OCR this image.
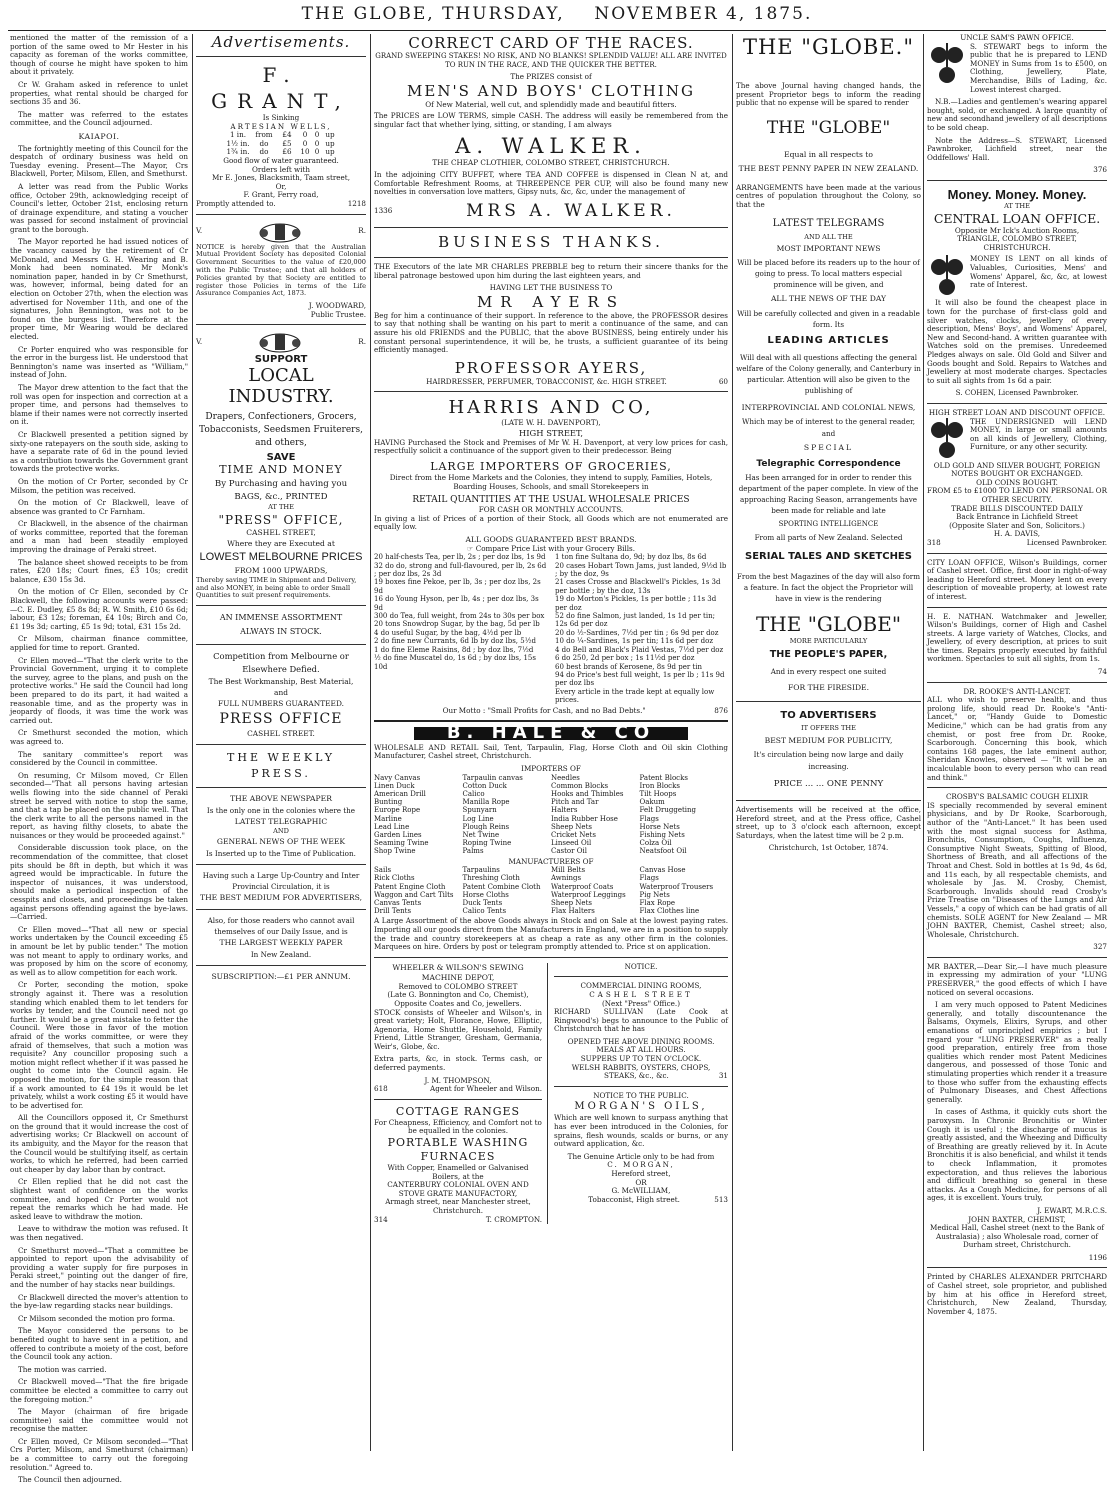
THE GLOBE, THURSDAY, NOVEMBER 4, 1875.

mentioned the matter of the remission of a portion of the same owed to Mr Hester in his capacity as foreman of the works committee, though of course he might have spoken to him about it privately.

Cr W. Graham asked in reference to unlet properties, what rental should be charged for sections 35 and 36.

The matter was referred to the estates committee, and the Council adjourned.

KAIAPOI.

The fortnightly meeting of this Council for the despatch of ordinary business was held on Tuesday evening. Present—The Mayor, Crs Blackwell, Porter, Milsom, Ellen, and Smethurst.

A letter was read from the Public Works office, October 29th, acknowledging receipt of Council's letter, October 21st, enclosing return of drainage expenditure, and stating a voucher was passed for second instalment of provincial grant to the borough.

The Mayor reported he had issued notices of the vacancy caused by the retirement of Cr McDonald, and Messrs G. H. Wearing and B. Monk had been nominated. Mr Monk's nomination paper, handed in by Cr Smethurst, was, however, informal, being dated for an election on October 27th, when the election was advertised for November 11th, and one of the signatures, John Bennington, was not to be found on the burgess list. Therefore at the proper time, Mr Wearing would be declared elected.

Cr Porter enquired who was responsible for the error in the burgess list. He understood that Bennington's name was inserted as "William," instead of John.

The Mayor drew attention to the fact that the roll was open for inspection and correction at a proper time, and persons had themselves to blame if their names were not correctly inserted on it.

Cr Blackwell presented a petition signed by sixty-one ratepayers on the south side, asking to have a separate rate of 6d in the pound levied as a contribution towards the Government grant towards the protective works.

On the motion of Cr Porter, seconded by Cr Milsom, the petition was received.

On the motion of Cr Blackwell, leave of absence was granted to Cr Farnham.

Cr Blackwell, in the absence of the chairman of works committee, reported that the foreman and a man had been steadily employed improving the drainage of Peraki street.

The balance sheet showed receipts to be from rates, £20 18s; Court fines, £3 10s; credit balance, £30 15s 3d.

On the motion of Cr Ellen, seconded by Cr Blackwell, the following accounts were passed:—C. E. Dudley, £5 8s 8d; R. W. Smith, £10 6s 6d; labour, £3 12s; foreman, £4 10s; Birch and Co, £1 19s 3d; carting, £5 1s 9d; total, £31 15s 2d.

Cr Milsom, chairman finance committee, applied for time to report. Granted.

Cr Ellen moved—"That the clerk write to the Provincial Government, urging it to complete the survey, agree to the plans, and push on the protective works." He said the Council had long been prepared to do its part, it had waited a reasonable time, and as the property was in jeopardy of floods, it was time the work was carried out.

Cr Smethurst seconded the motion, which was agreed to.

The sanitary committee's report was considered by the Council in committee.

On resuming, Cr Milsom moved, Cr Ellen seconded—"That all persons having artesian wells flowing into the side channel of Peraki street be served with notice to stop the same, and that a tap be placed on the public well. That the clerk write to all the persons named in the report, as having filthy closets, to abate the nuisances or they would be proceeded against."

Considerable discussion took place, on the recommendation of the committee, that closet pits should be 8ft in depth, but which it was agreed would be impracticable. In future the inspector of nuisances, it was understood, should make a periodical inspection of the cesspits and closets, and proceedings be taken against persons offending against the bye-laws.—Carried.

Cr Ellen moved—"That all new or special works undertaken by the Council exceeding £5 in amount be let by public tender." The motion was not meant to apply to ordinary works, and was proposed by him on the score of economy, as well as to allow competition for each work.

Cr Porter, seconding the motion, spoke strongly against it. There was a resolution standing which enabled them to let tenders for works by tender, and the Council need not go further. It would be a great mistake to fetter the Council. Were those in favor of the motion afraid of the works committee, or were they afraid of themselves, that such a motion was requisite? Any councillor proposing such a motion might reflect whether if it was passed he ought to come into the Council again. He opposed the motion, for the simple reason that if a work amounted to £4 19s it would be let privately, whilst a work costing £5 it would have to be advertised for.

All the Councillors opposed it, Cr Smethurst on the ground that it would increase the cost of advertising works; Cr Blackwell on account of its ambiguity, and the Mayor for the reason that the Council would be stultifying itself, as certain works, to which he referred, had been carried out cheaper by day labor than by contract.

Cr Ellen replied that he did not cast the slightest want of confidence on the works committee, and hoped Cr Porter would not repeat the remarks which he had made. He asked leave to withdraw the motion.

Leave to withdraw the motion was refused. It was then negatived.

Cr Smethurst moved—"That a committee be appointed to report upon the advisability of providing a water supply for fire purposes in Peraki street," pointing out the danger of fire, and the number of hay stacks near buildings.

Cr Blackwell directed the mover's attention to the bye-law regarding stacks near buildings.

Cr Milsom seconded the motion pro forma.

The Mayor considered the persons to be benefited ought to have sent in a petition, and offered to contribute a moiety of the cost, before the Council took any action.

The motion was carried.

Cr Blackwell moved—"That the fire brigade committee be elected a committee to carry out the foregoing motion."

The Mayor (chairman of fire brigade committee) said the committee would not recognise the matter.

Cr Ellen moved, Cr Milsom seconded—"That Crs Porter, Milsom, and Smethurst (chairman) be a committee to carry out the foregoing resolution." Agreed to.

The Council then adjourned.

Advertisements.
F. GRANT,
Is Sinking
ARTESIAN WELLS,
1 in.	from	£4	0	0 up
1½ in.	do	£5	0	0 up
1¾ in.	do	£6	10 0 up
Good flow of water guaranteed.
Orders left with
Mr E. Jones, Blacksmith, Taam street,
Or,
F. Grant, Ferry road,
Promptly attended to.	1218
V.	R.

NOTICE is hereby given that the Australian Mutual Provident Society has deposited Colonial Government Securities to the value of £20,000 with the Public Trustee; and that all holders of Policies granted by that Society are entitled to register those Policies in terms of the Life Assurance Companies Act, 1873.

J. WOODWARD,
Public Trustee.
V.	R.
SUPPORT
LOCAL INDUSTRY.
Drapers, Confectioners, Grocers, Tobacconists, Seedsmen Fruiterers, and others,
SAVE
TIME AND MONEY
By Purchasing and having you
BAGS, &c., PRINTED
AT THE
"PRESS" OFFICE,
CASHEL STREET,
Where they are Executed at
LOWEST MELBOURNE PRICES
FROM 1000 UPWARDS,

Thereby saving TIME in Shipment and Delivery, and also MONEY, in being able to order Small Quantities to suit present requirements.

AN IMMENSE ASSORTMENT
ALWAYS IN STOCK.
Competition from Melbourne or Elsewhere Defied.
The Best Workmanship, Best Material,
and
FULL NUMBERS GUARANTEED.
PRESS OFFICE
CASHEL STREET.
THE WEEKLY PRESS.
THE ABOVE NEWSPAPER
Is the only one in the colonies where the
LATEST TELEGRAPHIC
AND
GENERAL NEWS OF THE WEEK
Is Inserted up to the Time of Publication.
Having such a Large Up-Country and Inter Provincial Circulation, it is
THE BEST MEDIUM FOR ADVERTISERS,
Also, for those readers who cannot avail themselves of our Daily Issue, and is
THE LARGEST WEEKLY PAPER
In New Zealand.
SUBSCRIPTION:—£1 PER ANNUM.
CORRECT CARD OF THE RACES.
GRAND SWEEPING STAKES! NO RISK, AND NO BLANKS! SPLENDID VALUE! ALL ARE INVITED TO RUN IN THE RACE, AND THE QUICKER THE BETTER.
The PRIZES consist of
MEN'S AND BOYS' CLOTHING
Of New Material, well cut, and splendidly made and beautiful fitters.

The PRICES are LOW TERMS, simple CASH. The address will easily be remembered from the singular fact that whether lying, sitting, or standing, I am always

A. WALKER.
THE CHEAP CLOTHIER, COLOMBO STREET, CHRISTCHURCH.

In the adjoining CITY BUFFET, where TEA AND COFFEE is dispensed in Clean N at, and Comfortable Refreshment Rooms, at THREEPENCE PER CUP, will also be found many new novelties in conversation love matters, Gipsy nuts, &c, &c, under the management of

1336	MRS A. WALKER.
BUSINESS THANKS.

THE Executors of the late MR CHARLES PREBBLE beg to return their sincere thanks for the liberal patronage bestowed upon him during the last eighteen years, and

HAVING LET THE BUSINESS TO
MR AYERS

Beg for him a continuance of their support. In reference to the above, the PROFESSOR desires to say that nothing shall be wanting on his part to merit a continuance of the same, and can assure his old FRIENDS and the PUBLIC, that the above BUSINESS, being entirely under his constant personal superintendence, it will be, he trusts, a sufficient guarantee of its being efficiently managed.

PROFESSOR AYERS,
HAIRDRESSER, PERFUMER, TOBACCONIST, &c. HIGH STREET.	60
HARRIS AND CO,
(LATE W. H. DAVENPORT),
HIGH STREET,

HAVING Purchased the Stock and Premises of Mr W. H. Davenport, at very low prices for cash, respectfully solicit a continuance of the support given to their predecessor. Being

LARGE IMPORTERS OF GROCERIES,

Direct from the Home Markets and the Colonies, they intend to supply, Families, Hotels, Boarding Houses, Schools, and small Storekeepers in

RETAIL QUANTITIES AT THE USUAL WHOLESALE PRICES
FOR CASH OR MONTHLY ACCOUNTS.

In giving a list of Prices of a portion of their Stock, all Goods which are not enumerated are equally low.

ALL GOODS GUARANTEED BEST BRANDS.
☞ Compare Price List with your Grocery Bills.
20 half-chests Tea, per lb, 2s ; per doz lbs, 1s 9d
32 do do, strong and full-flavoured, per lb, 2s 6d ; per doz lbs, 2s 3d
19 boxes fine Pekoe, per lb, 3s ; per doz lbs, 2s 9d
16 do Young Hyson, per lb, 4s ; per doz lbs, 3s 9d
300 do Tea, full weight, from 24s to 30s per box
20 tons Snowdrop Sugar, by the bag, 5d per lb
4 do useful Sugar, by the bag, 4½d per lb
2 do fine new Currants, 6d lb by doz lbs, 5½d
1 do fine Eleme Raisins, 8d ; by doz lbs, 7½d
½ do fine Muscatel do, 1s 6d ; by doz lbs, 15s 10d
1 ton fine Sultana do, 9d; by doz lbs, 8s 6d
20 cases Hobart Town Jams, just landed, 9½d lb ; by the doz, 9s
21 cases Crosse and Blackwell's Pickles, 1s 3d per bottle ; by the doz, 13s
19 do Morton's Pickles, 1s per bottle ; 11s 3d per doz
52 do fine Salmon, just landed, 1s 1d per tin; 12s 6d per doz
20 do ½-Sardines, 7½d per tin ; 6s 9d per doz
10 do ¼-Sardines, 1s per tin; 11s 6d per doz
4 do Bell and Black's Plaid Vestas, 7½d per doz
6 do 250, 2d per box ; 1s 11½d per doz
60 best brands of Kerosene, 8s 9d per tin
94 do Price's best full weight, 1s per lb ; 11s 9d per doz lbs
Every article in the trade kept at equally low prices.
Our Motto : "Small Profits for Cash, and no Bad Debts."	876
B. HALE & CO

WHOLESALE AND RETAIL Sail, Tent, Tarpaulin, Flag, Horse Cloth and Oil skin Clothing Manufacturer, Cashel street, Christchurch.

IMPORTERS OF
Navy Canvas	Tarpaulin canvas	Needles	Patent Blocks
Linen Duck	Cotton Duck	Common Blocks	Iron Blocks
American Drill	Calico	Hooks and Thimbles	Tilt Hoops
Bunting	Manilla Rope	Pitch and Tar	Oakum
Europe Rope	Spunyarn	Halters	Felt Druggeting
Marline	Log Line	India Rubber Hose	Flags
Lead Line	Plough Reins	Sheep Nets	Horse Nets
Garden Lines	Net Twine	Cricket Nets	Fishing Nets
Seaming Twine	Roping Twine	Linseed Oil	Colza Oil
Shop Twine	Palms	Castor Oil	Neatsfoot Oil
MANUFACTURERS OF
Sails	Tarpaulins	Mill Belts	Canvas Hose
Rick Cloths	Threshing Cloth	Awnings	Flags
Patent Engine Cloth	Patent Combine Cloth	Waterproof Coats	Waterproof Trousers
Waggon and Cart Tilts	Horse Cloths	Waterproof Leggings	Pig Nets
Canvas Tents	Duck Tents	Sheep Nets	Flax Rope
Drill Tents	Calico Tents	Flax Halters	Flax Clothes line

A Large Assortment of the above Goods always in Stock and on Sale at the lowest paying rates. Importing all our goods direct from the Manufacturers in England, we are in a position to supply the trade and country storekeepers at as cheap a rate as any other firm in the colonies. Marquees on hire. Orders by post or telegram promptly attended to. Price st on application.

WHEELER & WILSON'S SEWING MACHINE DEPOT,
Removed to COLOMBO STREET
(Late G. Bonnington and Co, Chemist), Opposite Coates and Co, jewellers.

STOCK consists of Wheeler and Wilson's, in great variety; Holt, Florance, Howe, Elliptic, Agenoria, Home Shuttle, Household, Family Friend, Little Stranger, Gresham, Germania, Weir's, Globe, &c.

Extra parts, &c, in stock. Terms cash, or deferred payments.

J. M. THOMPSON,
618	Agent for Wheeler and Wilson.
COTTAGE RANGES
For Cheapness, Efficiency, and Comfort not to be equalled in the colonies.
PORTABLE WASHING FURNACES
With Copper, Enamelled or Galvanised Boilers, at the
CANTERBURY COLONIAL OVEN AND STOVE GRATE MANUFACTORY,
Armagh street, near Manchester street, Christchurch.
314	T. CROMPTON.
NOTICE.
COMMERCIAL DINING ROOMS,
CASHEL STREET
(Next "Press" Office.)

RICHARD SULLIVAN (Late Cook at Ringwood's) begs to announce to the Public of Christchurch that he has

OPENED THE ABOVE DINING ROOMS.
MEALS AT ALL HOURS.
SUPPERS UP TO TEN O'CLOCK.
WELSH RABBITS, OYSTERS, CHOPS,
STEAKS, &c., &c.	31
NOTICE TO THE PUBLIC.
MORGAN'S OILS,

Which are well known to surpass anything that has ever been introduced in the Colonies, for sprains, flesh wounds, scalds or burns, or any outward application, &c.

The Genuine Article only to be had from
C. MORGAN,
Hereford street,
OR
G. McWILLIAM,
Tobacconist, High street.	513
THE "GLOBE."

The above Journal having changed hands, the present Proprietor begs to inform the reading public that no expense will be spared to render

THE "GLOBE"
Equal in all respects to
THE BEST PENNY PAPER IN NEW ZEALAND.

ARRANGEMENTS have been made at the various centres of population throughout the Colony, so that the

LATEST TELEGRAMS
AND ALL THE
MOST IMPORTANT NEWS
Will be placed before its readers up to the hour of going to press. To local matters especial prominence will be given, and
ALL THE NEWS OF THE DAY
Will be carefully collected and given in a readable form. Its
LEADING ARTICLES
Will deal with all questions affecting the general welfare of the Colony generally, and Canterbury in particular. Attention will also be given to the publishing of
INTERPROVINCIAL AND COLONIAL NEWS,
Which may be of interest to the general reader, and
SPECIAL
Telegraphic Correspondence
Has been arranged for in order to render this department of the paper complete. In view of the approaching Racing Season, arrangements have been made for reliable and late
SPORTING INTELLIGENCE
From all parts of New Zealand. Selected
SERIAL TALES AND SKETCHES
From the best Magazines of the day will also form a feature. In fact the object the Proprietor will have in view is the rendering
THE "GLOBE"
MORE PARTICULARLY
THE PEOPLE'S PAPER,
And in every respect one suited
FOR THE FIRESIDE.
TO ADVERTISERS
IT OFFERS THE
BEST MEDIUM FOR PUBLICITY,
It's circulation being now large and daily increasing.
PRICE ... ... ONE PENNY

Advertisements will be received at the office, Hereford street, and at the Press office, Cashel street, up to 3 o'clock each afternoon, except Saturdays, when the latest time will be 2 p.m.

Christchurch, 1st October, 1874.
UNCLE SAM'S PAWN OFFICE.

S. STEWART begs to inform the public that he is prepared to LEND MONEY in Sums from 1s to £500, on Clothing, Jewellery, Plate, Merchandise, Bills of Lading, &c. Lowest interest charged.

N.B.—Ladies and gentlemen's wearing apparel bought, sold, or exchanged. A large quantity of new and secondhand jewellery of all descriptions to be sold cheap.

Note the Address—S. STEWART, Licensed Pawnbroker, Lichfield street, near the Oddfellows' Hall.

376
Money. Money. Money.
AT THE
CENTRAL LOAN OFFICE.
Opposite Mr Ick's Auction Rooms,
TRIANGLE, COLOMBO STREET,
CHRISTCHURCH.

MONEY IS LENT on all kinds of Valuables, Curiosities, Mens' and Womens' Apparel, &c, &c, at lowest rate of Interest.

It will also be found the cheapest place in town for the purchase of first-class gold and silver watches, clocks, jewellery of every description, Mens' Boys', and Womens' Apparel, New and Second-hand. A written guarantee with Watches sold on the premises. Unredeemed Pledges always on sale. Old Gold and Silver and Goods bought and Sold. Repairs to Watches and Jewellery at most moderate charges. Spectacles to suit all sights from 1s 6d a pair.

S. COHEN, Licensed Pawnbroker.
HIGH STREET LOAN AND DISCOUNT OFFICE.

THE UNDERSIGNED will LEND MONEY, in large or small amounts on all kinds of Jewellery, Clothing, Furniture, or any other security.

OLD GOLD AND SILVER BOUGHT, FOREIGN NOTES BOUGHT OR EXCHANGED.
OLD COINS BOUGHT.
FROM £5 to £1000 TO LEND ON PERSONAL OR OTHER SECURITY.
TRADE BILLS DISCOUNTED DAILY
Back Entrance in Lichfield Street
(Opposite Slater and Son, Solicitors.)
H. A. DAVIS,
318	Licensed Pawnbroker.

CITY LOAN OFFICE, Wilson's Buildings, corner of Cashel street. Office, first door in right-of-way leading to Hereford street. Money lent on every description of moveable property, at lowest rate of interest.

H. E. NATHAN. Watchmaker and Jeweller, Wilson's Buildings, corner of High and Cashel streets. A large variety of Watches, Clocks, and Jewellery, of every description, at prices to suit the times. Repairs properly executed by faithful workmen. Spectacles to suit all sights, from 1s.

74
DR. ROOKE'S ANTI-LANCET.

ALL who wish to preserve health, and thus prolong life, should read Dr. Rooke's "Anti-Lancet," or, "Handy Guide to Domestic Medicine," which can be had gratis from any chemist, or post free from Dr. Rooke, Scarborough. Concerning this book, which contains 168 pages, the late eminent author, Sheridan Knowles, observed — "It will be an incalculable boon to every person who can read and think."

CROSBY'S BALSAMIC COUGH ELIXIR

IS specially recommended by several eminent physicians, and by Dr Rooke, Scarborough, author of the "Anti-Lancet." It has been used with the most signal success for Asthma, Bronchitis, Consumption, Coughs, Influenza, Consumptive Night Sweats, Spitting of Blood, Shortness of Breath, and all affections of the Throat and Chest. Sold in bottles at 1s 9d, 4s 6d, and 11s each, by all respectable chemists, and wholesale by Jas. M. Crosby, Chemist, Scarborough. Invalids should read Crosby's Prize Treatise on "Diseases of the Lungs and Air Vessels," a copy of which can be had gratis of all chemists. SOLE AGENT for New Zealand — MR JOHN BAXTER, Chemist, Cashel street; also, Wholesale, Christchurch.

327

MR BAXTER,—Dear Sir,—I have much pleasure in expressing my admiration of your "LUNG PRESERVER," the good effects of which I have noticed on several occasions.

I am very much opposed to Patent Medicines generally, and totally discountenance the Balsams, Oxymels, Elixirs, Syrups, and other emanations of unprincipled empirics ; but I regard your "LUNG PRESERVER" as a really good preparation, entirely free from those qualities which render most Patent Medicines dangerous, and possessed of those Tonic and stimulating properties which render it a treasure to those who suffer from the exhausting effects of Pulmonary Diseases, and Chest Affections generally.

In cases of Asthma, it quickly cuts short the paroxysm. In Chronic Bronchitis or Winter Cough it is useful ; the discharge of mucus is greatly assisted, and the Wheezing and Difficulty of Breathing are greatly relieved by it. In Acute Bronchitis it is also beneficial, and whilst it tends to check Inflammation, it promotes expectoration, and thus relieves the laborious and difficult breathing so general in these attacks. As a Cough Medicine, for persons of all ages, it is excellent. Yours truly,

J. EWART, M.R.C.S.
JOHN BAXTER, CHEMIST,

Medical Hall, Cashel street (next to the Bank of Australasia) ; also Wholesale road, corner of Durham street, Christchurch.

1196

Printed by CHARLES ALEXANDER PRITCHARD of Cashel street, sole proprietor, and published by him at his office in Hereford street, Christchurch, New Zealand, Thursday, November 4, 1875.
